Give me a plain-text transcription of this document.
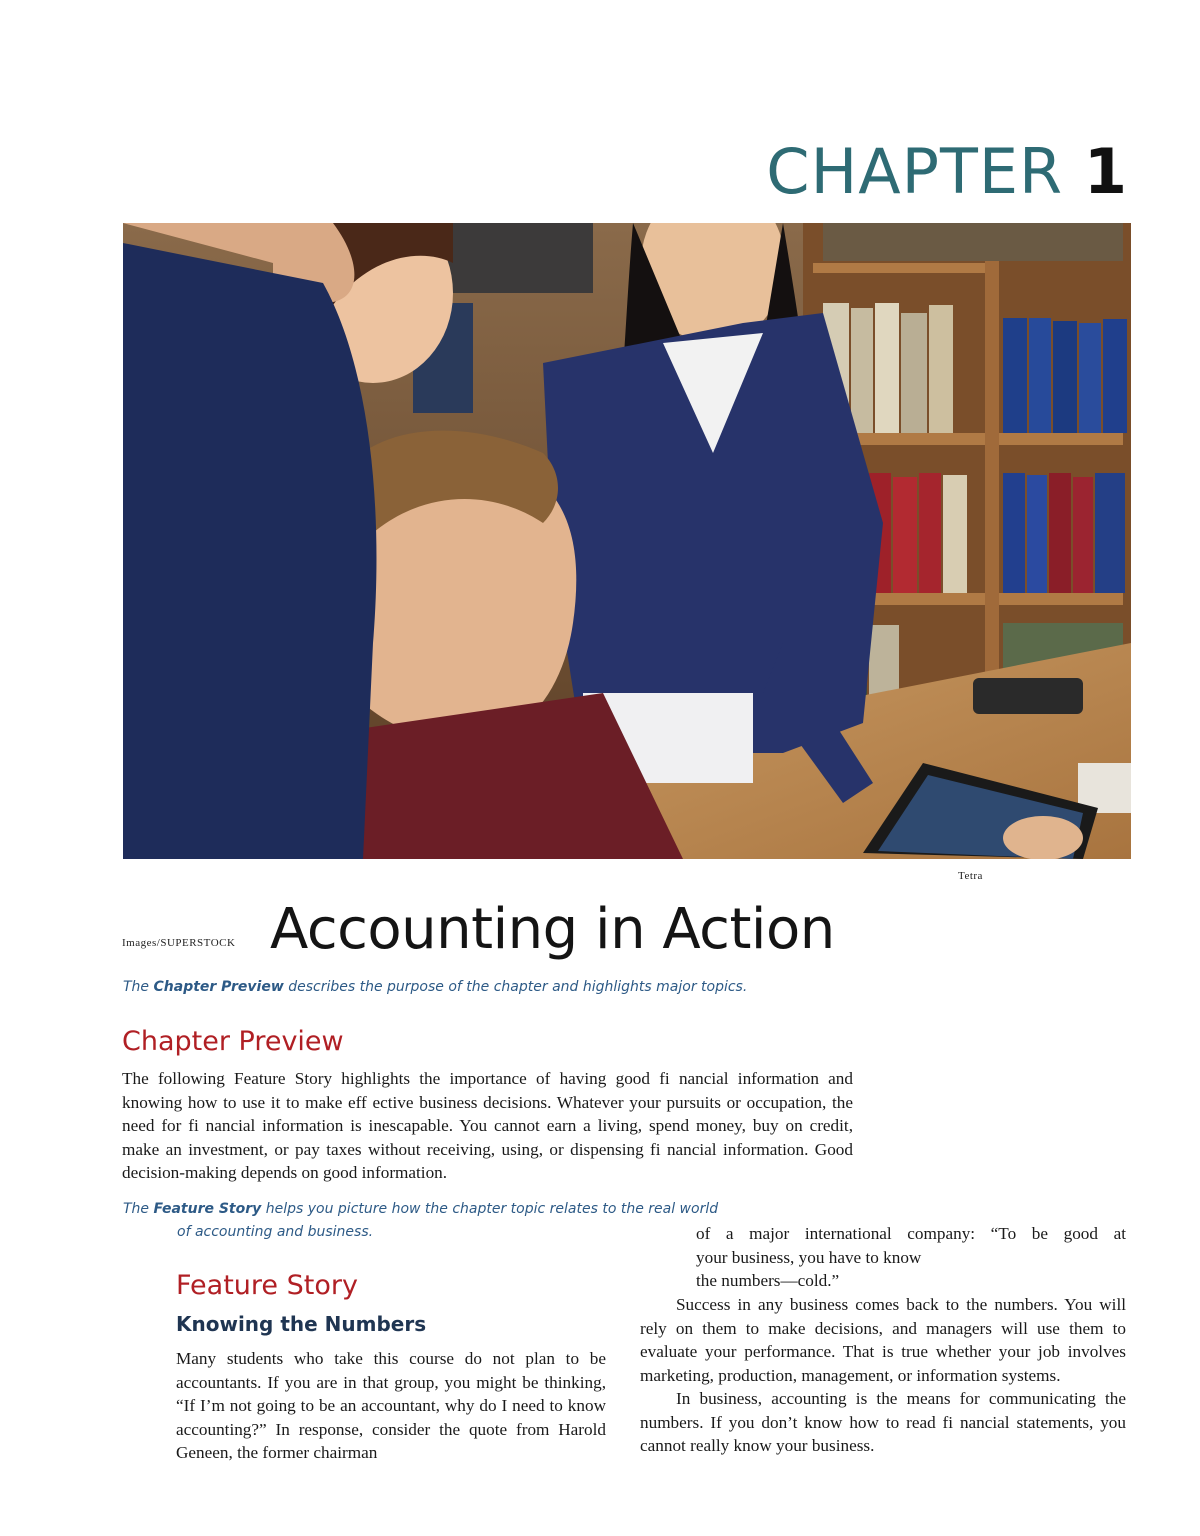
CHAPTER 1
Tetra
Images/SUPERSTOCK Accounting in Action
The Chapter Preview describes the purpose of the chapter and highlights major topics.
Chapter Preview
The following Feature Story highlights the importance of having good fi nancial information and knowing how to use it to make eff ective business decisions. Whatever your pursuits or occupation, the need for fi nancial information is inescapable. You cannot earn a living, spend money, buy on credit, make an investment, or pay taxes without receiving, using, or dispensing fi nancial information. Good decision-making depends on good information.
The Feature Story helps you picture how the chapter topic relates to the real world
of accounting and business.
Feature Story
Knowing the Numbers
Many students who take this course do not plan to be accountants. If you are in that group, you might be thinking, “If I’m not going to be an accountant, why do I need to know accounting?” In response, consider the quote from Harold Geneen, the former chairman
of a major international company: “To be good at
your business, you have to know
the numbers—cold.”
Success in any business comes back to the numbers. You will rely on them to make decisions, and managers will use them to evaluate your performance. That is true whether your job involves marketing, production, management, or information systems.
In business, accounting is the means for communicating the numbers. If you don’t know how to read fi nancial statements, you cannot really know your business.
